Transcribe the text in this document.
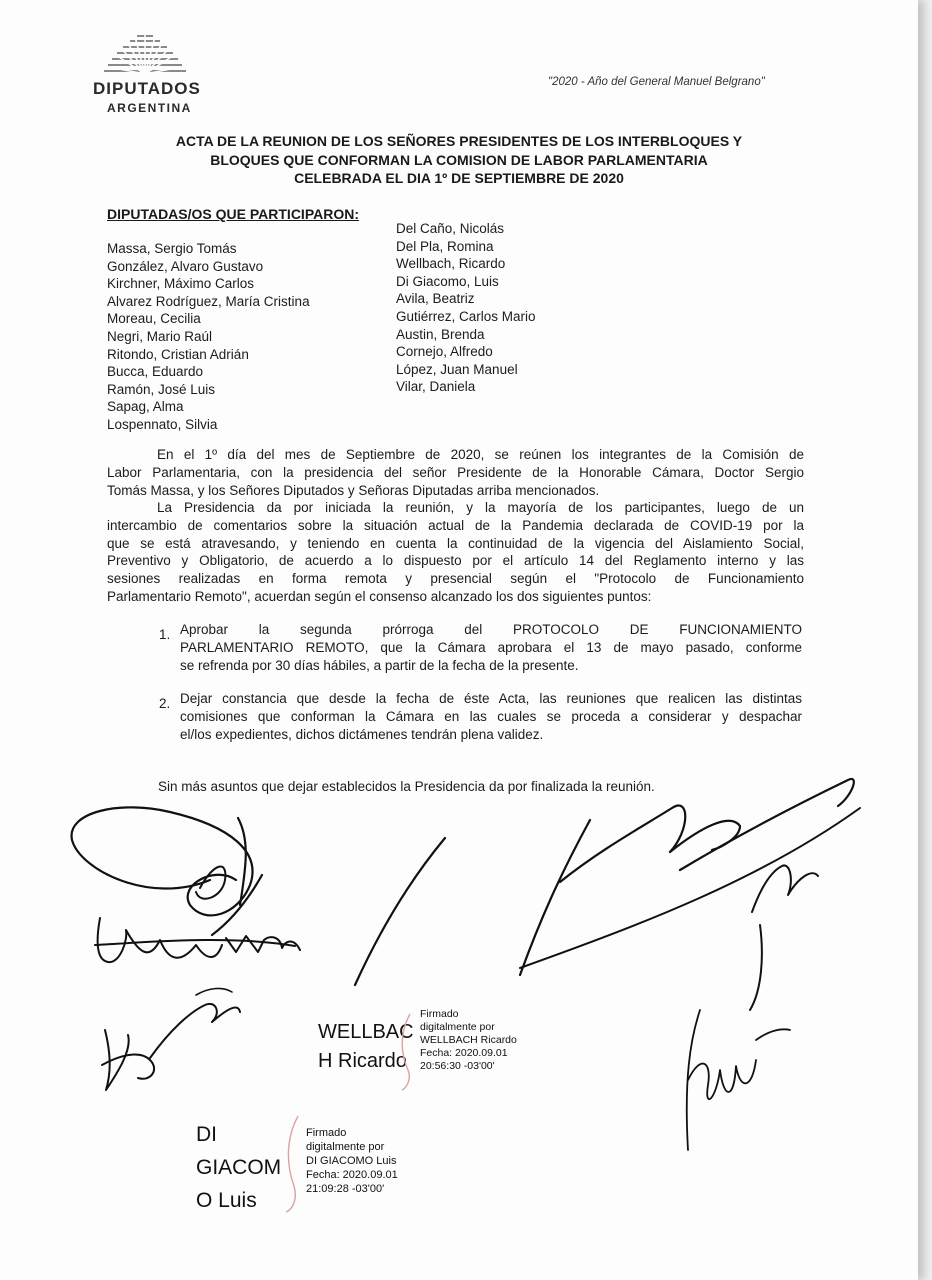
DIPUTADOS
ARGENTINA
"2020 - Año del General Manuel Belgrano"
ACTA DE LA REUNION DE LOS SEÑORES PRESIDENTES DE LOS INTERBLOQUES Y
BLOQUES QUE CONFORMAN LA COMISION DE LABOR PARLAMENTARIA
CELEBRADA EL DIA 1º DE SEPTIEMBRE DE 2020
DIPUTADAS/OS QUE PARTICIPARON:
Massa, Sergio Tomás
González, Alvaro Gustavo
Kirchner, Máximo Carlos
Alvarez Rodríguez, María Cristina
Moreau, Cecilia
Negri, Mario Raúl
Ritondo, Cristian Adrián
Bucca, Eduardo
Ramón, José Luis
Sapag, Alma
Lospennato, Silvia
Del Caño, Nicolás
Del Pla, Romina
Wellbach, Ricardo
Di Giacomo, Luis
Avila, Beatriz
Gutiérrez, Carlos Mario
Austin, Brenda
Cornejo, Alfredo
López, Juan Manuel
Vilar, Daniela
En el 1º día del mes de Septiembre de 2020, se reúnen los integrantes de la Comisión de
Labor Parlamentaria, con la presidencia del señor Presidente de la Honorable Cámara, Doctor Sergio
Tomás Massa, y los Señores Diputados y Señoras Diputadas arriba mencionados.
La Presidencia da por iniciada la reunión, y la mayoría de los participantes, luego de un
intercambio de comentarios sobre la situación actual de la Pandemia declarada de COVID-19 por la
que se está atravesando, y teniendo en cuenta la continuidad de la vigencia del Aislamiento Social,
Preventivo y Obligatorio, de acuerdo a lo dispuesto por el artículo 14 del Reglamento interno y las
sesiones realizadas en forma remota y presencial según el "Protocolo de Funcionamiento
Parlamentario Remoto", acuerdan según el consenso alcanzado los dos siguientes puntos:
1. Aprobar la segunda prórroga del PROTOCOLO DE FUNCIONAMIENTO
PARLAMENTARIO REMOTO, que la Cámara aprobara el 13 de mayo pasado, conforme
se refrenda por 30 días hábiles, a partir de la fecha de la presente.
2. Dejar constancia que desde la fecha de éste Acta, las reuniones que realicen las distintas
comisiones que conforman la Cámara en las cuales se proceda a considerar y despachar
el/los expedientes, dichos dictámenes tendrán plena validez.
Sin más asuntos que dejar establecidos la Presidencia da por finalizada la reunión.
WELLBAC
H Ricardo
Firmado
digitalmente por
WELLBACH Ricardo
Fecha: 2020.09.01
20:56:30 -03'00'
DI
GIACOM
O Luis
Firmado
digitalmente por
DI GIACOMO Luis
Fecha: 2020.09.01
21:09:28 -03'00'
